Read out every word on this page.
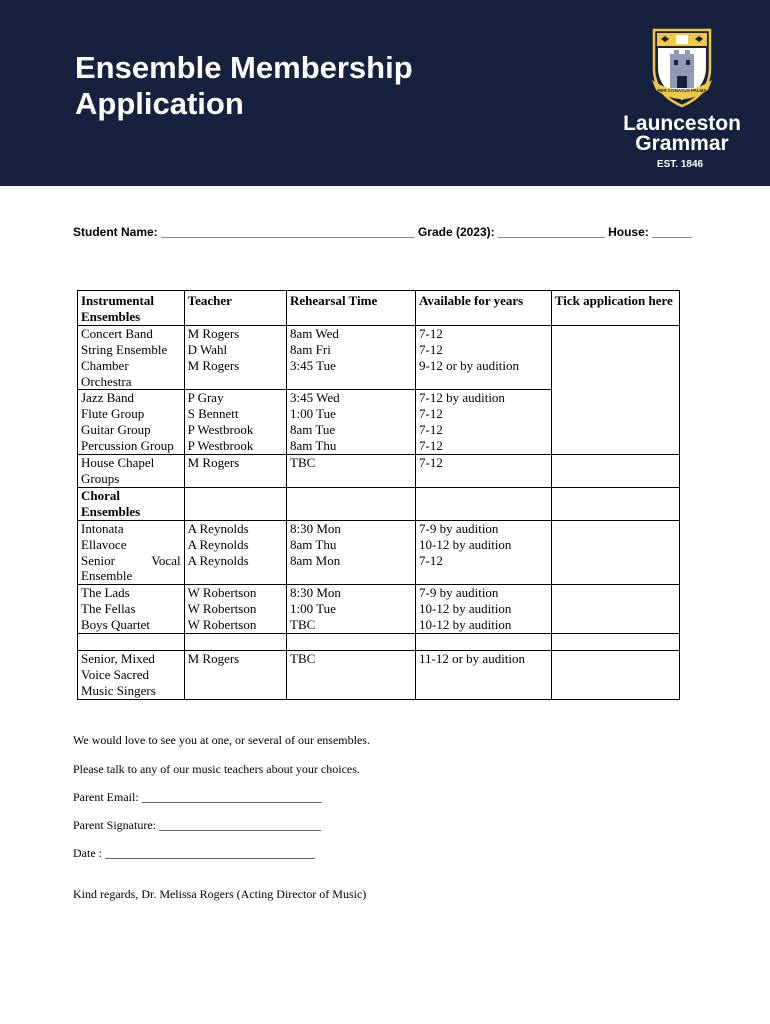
Ensemble Membership
Application	PER CONATUS PALMA
Launceston
Grammar
EST. 1846
Student Name: ______________________________________ Grade (2023): ________________ House: ______
Instrumental Ensembles	Teacher	Rehearsal Time	Available for years	Tick application here
Concert Band	M Rogers	8am Wed	7-12	
String Ensemble	D Wahl	8am Fri	7-12	
Chamber Orchestra	M Rogers	3:45 Tue	9-12 or by audition	
Jazz Band	P Gray	3:45 Wed	7-12 by audition	
Flute Group	S Bennett	1:00 Tue	7-12	
Guitar Group	P Westbrook	8am Tue	7-12	
Percussion Group	P Westbrook	8am Thu	7-12	
House Chapel Groups	M Rogers	TBC	7-12	
Choral Ensembles				
Intonata	A Reynolds	8:30 Mon	7-9 by audition	
Ellavoce	A Reynolds	8am Thu	10-12 by audition	

Senior Vocal
Ensemble	A Reynolds	8am Mon	7-12	
The Lads	W Robertson	8:30 Mon	7-9 by audition	
The Fellas	W Robertson	1:00 Tue	10-12 by audition	
Boys Quartet	W Robertson	TBC	10-12 by audition	

Senior, Mixed Voice Sacred Music Singers	M Rogers	TBC	11-12 or by audition	
We would love to see you at one, or several of our ensembles.
Please talk to any of our music teachers about your choices.
Parent Email: ______________________________
Parent Signature: ___________________________
Date : ___________________________________
Kind regards, Dr. Melissa Rogers (Acting Director of Music)
